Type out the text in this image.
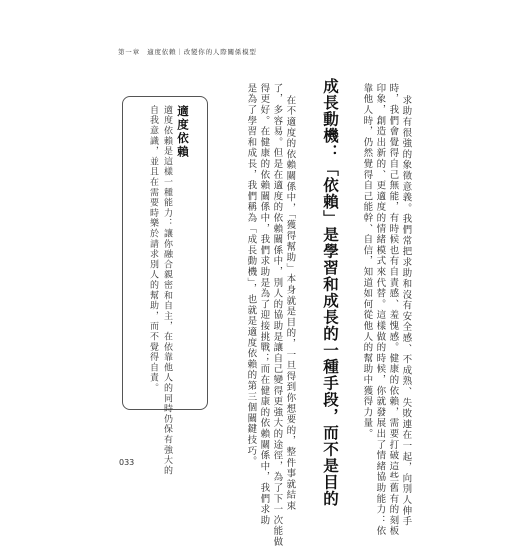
第一章　適度依賴｜改變你的人際關係模型

求助有很強的象徵意義。我們常把求助和沒有安全感、不成熟、失敗連在一起，向別人伸手

時，我們會覺得自己無能，有時候也有自責感、羞愧感。健康的依賴，需要打破這些舊有的刻板

印象，創造出新的、更適度的情緒模式來代替。這樣做的時候，你就發展出了情緒協助能力：依

靠他人時，仍然覺得自己能幹、自信，知道如何從他人的幫助中獲得力量。

成長動機：「依賴」是學習和成長的一種手段，而不是目的

在不適度的依賴關係中，「獲得幫助」本身就是目的，一旦得到你想要的，整件事就結束

了，多容易。但是在適度的依賴關係中，別人的協助是讓自己變得更強大的途徑，為了下一次能做

得更好。在健康的依賴關係中，我們求助是為了迎接挑戰；而在健康的依賴關係中，我們求助

是為了學習和成長，我們稱為「成長動機」，也就是適度依賴的第三個關鍵技巧。

適度依賴

適度依賴是這樣一種能力：讓你融合親密和自主，在依靠他人的同時仍保有強大的

自我意識，並且在需要時樂於請求別人的幫助，而不覺得自責。

033
